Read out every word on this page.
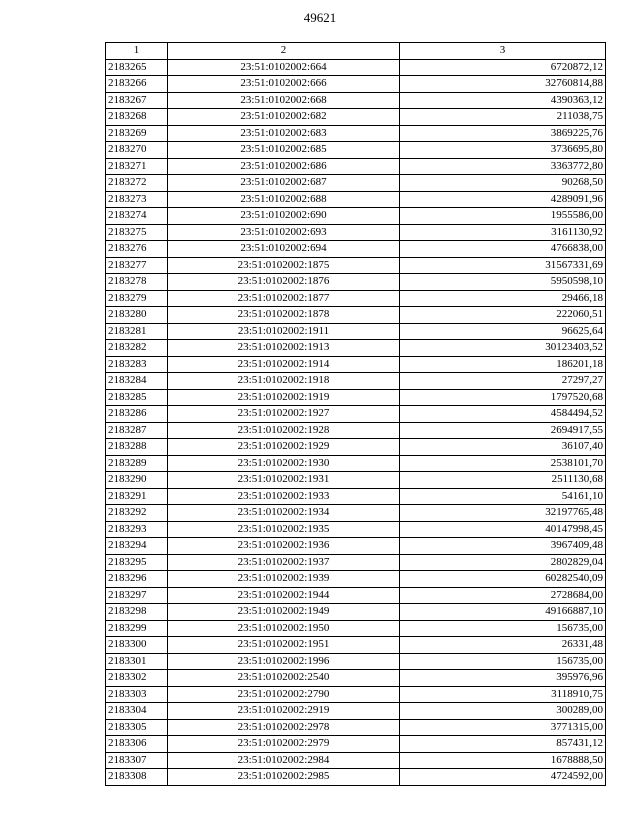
49621
1	2	3
2183265	23:51:0102002:664	6720872,12
2183266	23:51:0102002:666	32760814,88
2183267	23:51:0102002:668	4390363,12
2183268	23:51:0102002:682	211038,75
2183269	23:51:0102002:683	3869225,76
2183270	23:51:0102002:685	3736695,80
2183271	23:51:0102002:686	3363772,80
2183272	23:51:0102002:687	90268,50
2183273	23:51:0102002:688	4289091,96
2183274	23:51:0102002:690	1955586,00
2183275	23:51:0102002:693	3161130,92
2183276	23:51:0102002:694	4766838,00
2183277	23:51:0102002:1875	31567331,69
2183278	23:51:0102002:1876	5950598,10
2183279	23:51:0102002:1877	29466,18
2183280	23:51:0102002:1878	222060,51
2183281	23:51:0102002:1911	96625,64
2183282	23:51:0102002:1913	30123403,52
2183283	23:51:0102002:1914	186201,18
2183284	23:51:0102002:1918	27297,27
2183285	23:51:0102002:1919	1797520,68
2183286	23:51:0102002:1927	4584494,52
2183287	23:51:0102002:1928	2694917,55
2183288	23:51:0102002:1929	36107,40
2183289	23:51:0102002:1930	2538101,70
2183290	23:51:0102002:1931	2511130,68
2183291	23:51:0102002:1933	54161,10
2183292	23:51:0102002:1934	32197765,48
2183293	23:51:0102002:1935	40147998,45
2183294	23:51:0102002:1936	3967409,48
2183295	23:51:0102002:1937	2802829,04
2183296	23:51:0102002:1939	60282540,09
2183297	23:51:0102002:1944	2728684,00
2183298	23:51:0102002:1949	49166887,10
2183299	23:51:0102002:1950	156735,00
2183300	23:51:0102002:1951	26331,48
2183301	23:51:0102002:1996	156735,00
2183302	23:51:0102002:2540	395976,96
2183303	23:51:0102002:2790	3118910,75
2183304	23:51:0102002:2919	300289,00
2183305	23:51:0102002:2978	3771315,00
2183306	23:51:0102002:2979	857431,12
2183307	23:51:0102002:2984	1678888,50
2183308	23:51:0102002:2985	4724592,00
